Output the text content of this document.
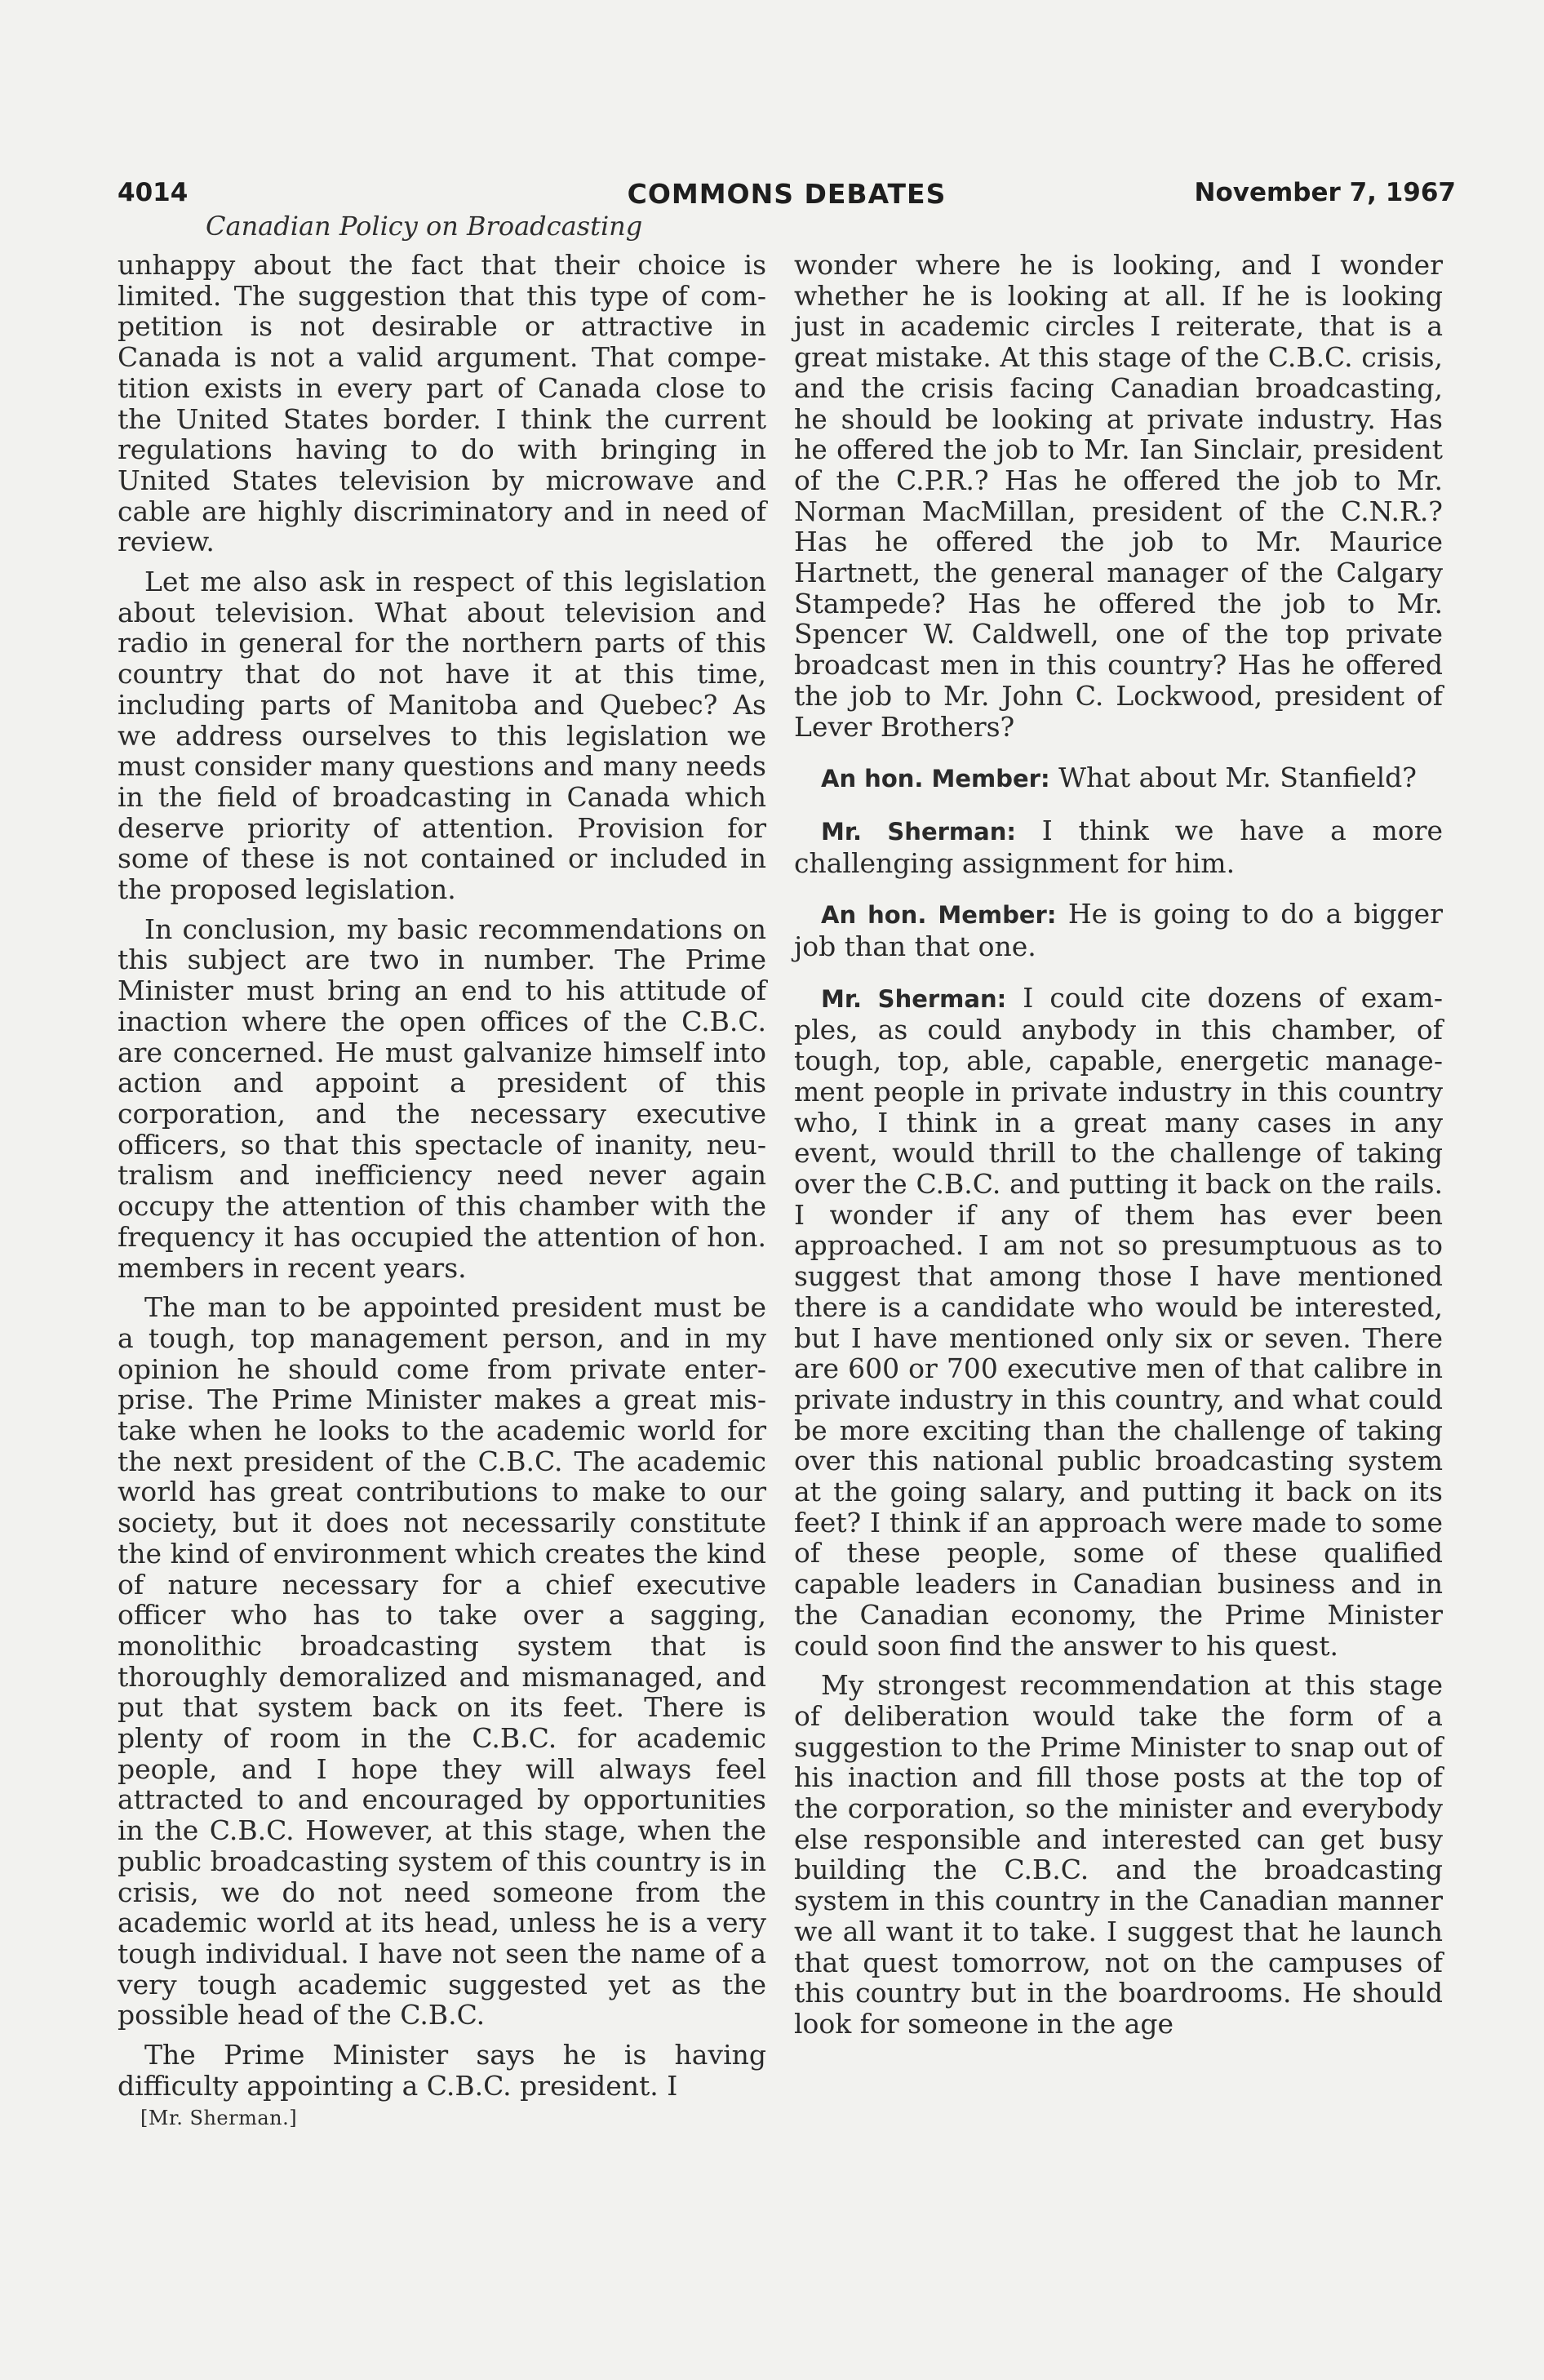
4014	COMMONS DEBATES	November 7, 1967
Canadian Policy on Broadcasting

unhappy about the fact that their choice is limited. The suggestion that this type of competition is not desirable or attractive in Canada is not a valid argument. That competition exists in every part of Canada close to the United States border. I think the current regulations having to do with bringing in United States television by microwave and cable are highly discriminatory and in need of review.

Let me also ask in respect of this legislation about television. What about television and radio in general for the northern parts of this country that do not have it at this time, including parts of Manitoba and Quebec? As we address ourselves to this legislation we must consider many questions and many needs in the field of broadcasting in Canada which deserve priority of attention. Provision for some of these is not contained or included in the proposed legislation.

In conclusion, my basic recommendations on this subject are two in number. The Prime Minister must bring an end to his attitude of inaction where the open offices of the C.B.C. are concerned. He must galvanize himself into action and appoint a president of this corporation, and the necessary executive officers, so that this spectacle of inanity, neutralism and inefficiency need never again occupy the attention of this chamber with the frequency it has occupied the attention of hon. members in recent years.

The man to be appointed president must be a tough, top management person, and in my opinion he should come from private enterprise. The Prime Minister makes a great mistake when he looks to the academic world for the next president of the C.B.C. The academic world has great contributions to make to our society, but it does not necessarily constitute the kind of environment which creates the kind of nature necessary for a chief executive officer who has to take over a sagging, monolithic broadcasting system that is thoroughly demoralized and mismanaged, and put that system back on its feet. There is plenty of room in the C.B.C. for academic people, and I hope they will always feel attracted to and encouraged by opportunities in the C.B.C. However, at this stage, when the public broadcasting system of this country is in crisis, we do not need someone from the academic world at its head, unless he is a very tough individual. I have not seen the name of a very tough academic suggested yet as the possible head of the C.B.C.

The Prime Minister says he is having difficulty appointing a C.B.C. president. I

[Mr. Sherman.]

wonder where he is looking, and I wonder whether he is looking at all. If he is looking just in academic circles I reiterate, that is a great mistake. At this stage of the C.B.C. crisis, and the crisis facing Canadian broadcasting, he should be looking at private industry. Has he offered the job to Mr. Ian Sinclair, president of the C.P.R.? Has he offered the job to Mr. Norman MacMillan, president of the C.N.R.? Has he offered the job to Mr. Maurice Hartnett, the general manager of the Calgary Stampede? Has he offered the job to Mr. Spencer W. Caldwell, one of the top private broadcast men in this country? Has he offered the job to Mr. John C. Lockwood, president of Lever Brothers?

An hon. Member: What about Mr. Stanfield?

Mr. Sherman: I think we have a more challenging assignment for him.

An hon. Member: He is going to do a bigger job than that one.

Mr. Sherman: I could cite dozens of examples, as could anybody in this chamber, of tough, top, able, capable, energetic management people in private industry in this country who, I think in a great many cases in any event, would thrill to the challenge of taking over the C.B.C. and putting it back on the rails. I wonder if any of them has ever been approached. I am not so presumptuous as to suggest that among those I have mentioned there is a candidate who would be interested, but I have mentioned only six or seven. There are 600 or 700 executive men of that calibre in private industry in this country, and what could be more exciting than the challenge of taking over this national public broadcasting system at the going salary, and putting it back on its feet? I think if an approach were made to some of these people, some of these qualified capable leaders in Canadian business and in the Canadian economy, the Prime Minister could soon find the answer to his quest.

My strongest recommendation at this stage of deliberation would take the form of a suggestion to the Prime Minister to snap out of his inaction and fill those posts at the top of the corporation, so the minister and everybody else responsible and interested can get busy building the C.B.C. and the broadcasting system in this country in the Canadian manner we all want it to take. I suggest that he launch that quest tomorrow, not on the campuses of this country but in the boardrooms. He should look for someone in the age
